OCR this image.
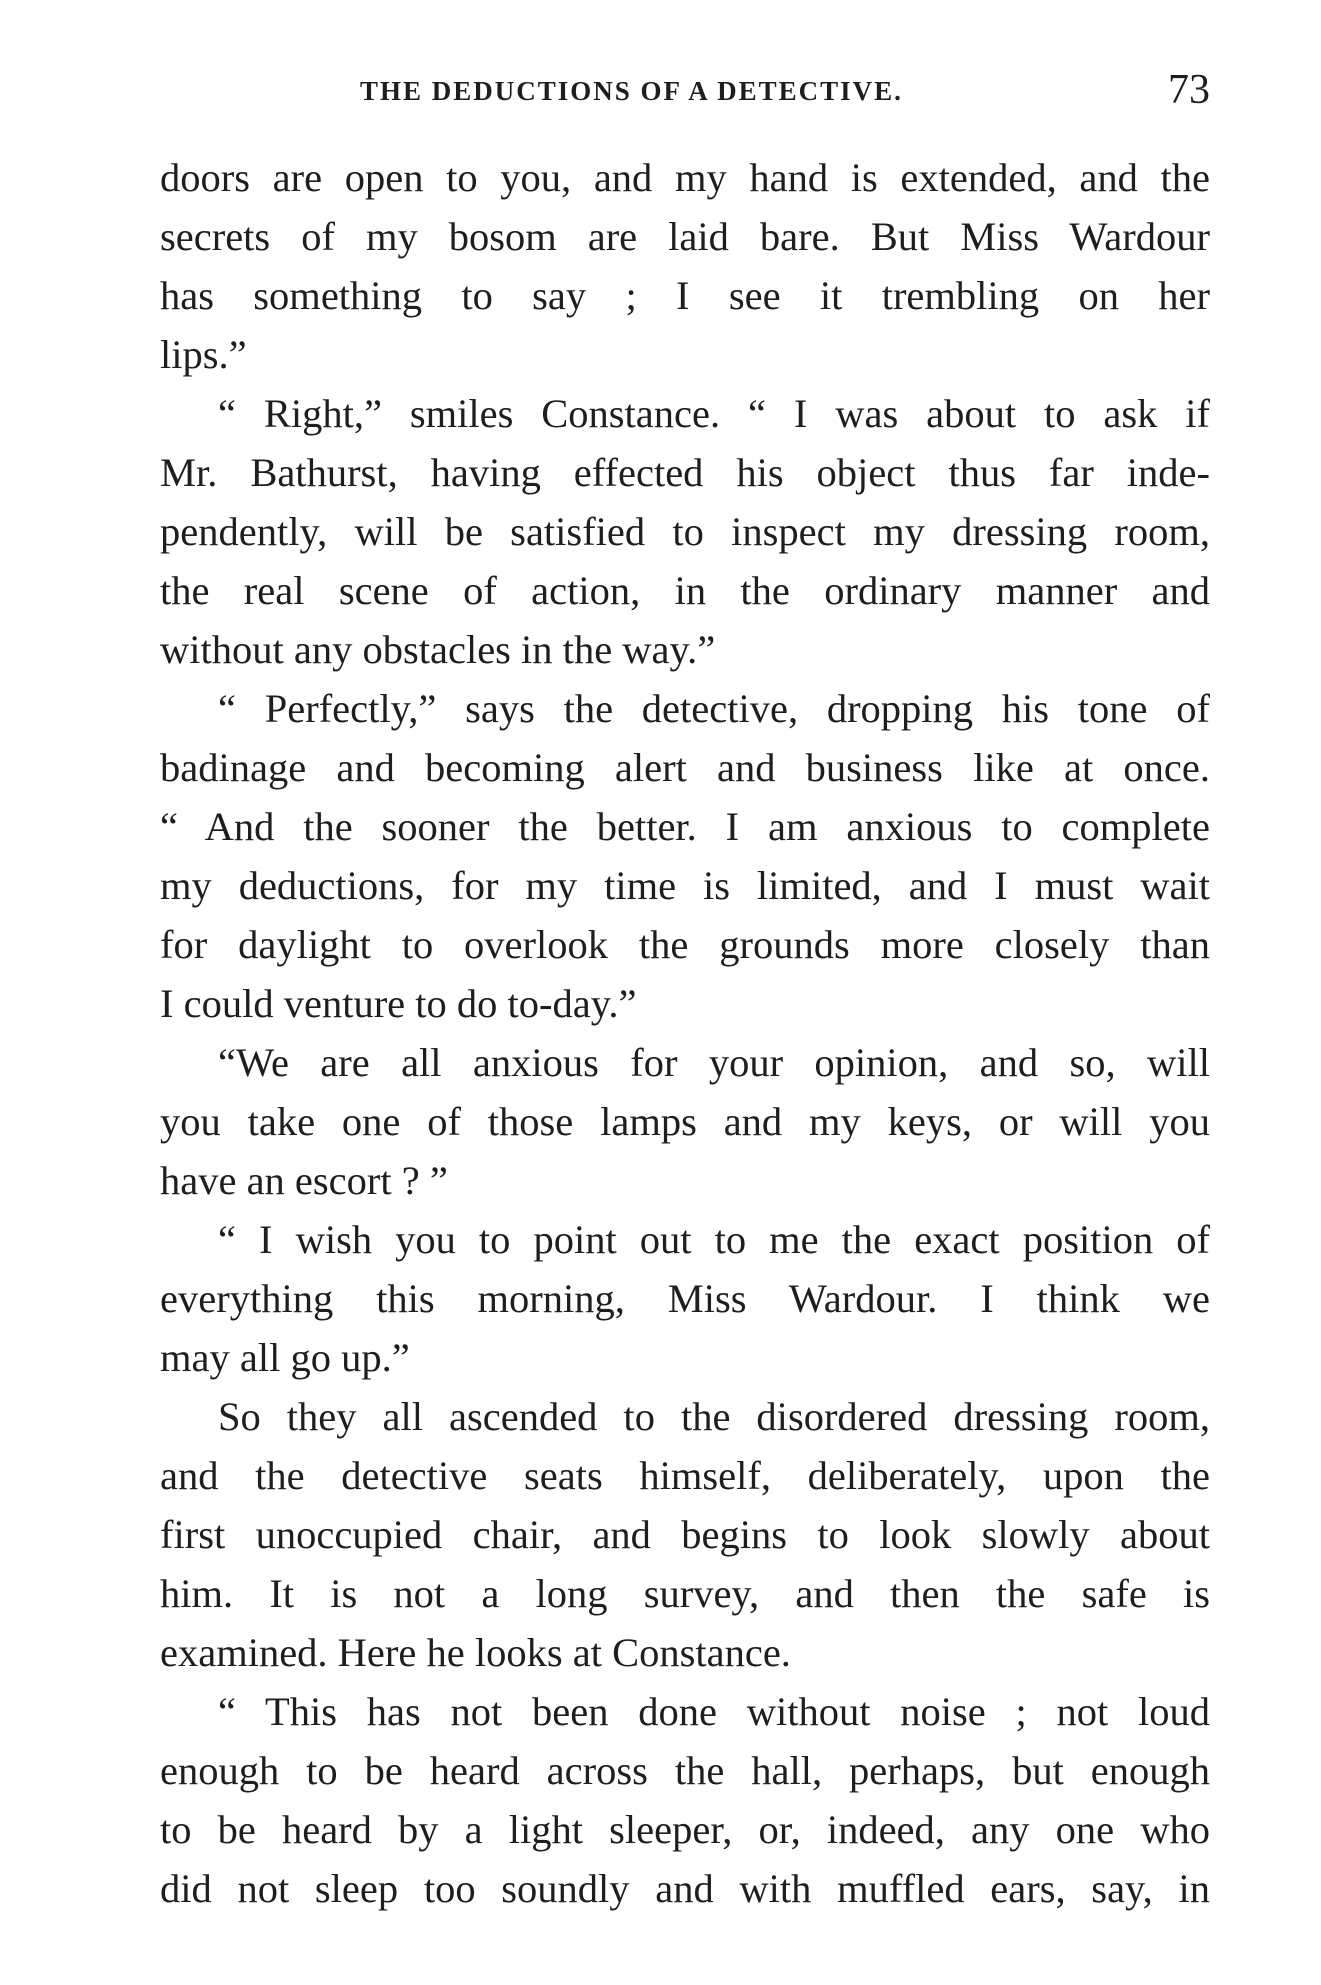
THE DEDUCTIONS OF A DETECTIVE.	73
doors are open to you, and my hand is extended, and the
secrets of my bosom are laid bare. But Miss Wardour
has something to say ; I see it trembling on her
lips.”
“ Right,” smiles Constance. “ I was about to ask if
Mr. Bathurst, having effected his object thus far inde-
pendently, will be satisfied to inspect my dressing room,
the real scene of action, in the ordinary manner and
without any obstacles in the way.”
“ Perfectly,” says the detective, dropping his tone of
badinage and becoming alert and business like at once.
“ And the sooner the better. I am anxious to complete
my deductions, for my time is limited, and I must wait
for daylight to overlook the grounds more closely than
I could venture to do to-day.”
“We are all anxious for your opinion, and so, will
you take one of those lamps and my keys, or will you
have an escort ? ”
“ I wish you to point out to me the exact position of
everything this morning, Miss Wardour. I think we
may all go up.”
So they all ascended to the disordered dressing room,
and the detective seats himself, deliberately, upon the
first unoccupied chair, and begins to look slowly about
him. It is not a long survey, and then the safe is
examined. Here he looks at Constance.
“ This has not been done without noise ; not loud
enough to be heard across the hall, perhaps, but enough
to be heard by a light sleeper, or, indeed, any one who
did not sleep too soundly and with muffled ears, say, in
